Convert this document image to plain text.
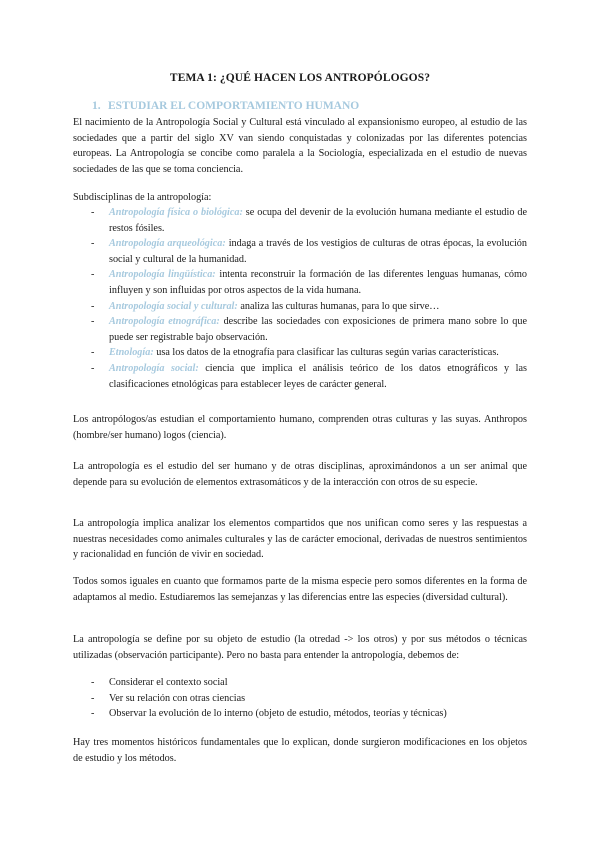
TEMA 1: ¿QUÉ HACEN LOS ANTROPÓLOGOS?
1. ESTUDIAR EL COMPORTAMIENTO HUMANO
El nacimiento de la Antropología Social y Cultural está vinculado al expansionismo europeo, al estudio de las sociedades que a partir del siglo XV van siendo conquistadas y colonizadas por las diferentes potencias europeas. La Antropología se concibe como paralela a la Sociología, especializada en el estudio de nuevas sociedades de las que se toma conciencia.
Subdisciplinas de la antropología:
- Antropología física o biológica: se ocupa del devenir de la evolución humana mediante el estudio de restos fósiles.
- Antropología arqueológica: indaga a través de los vestigios de culturas de otras épocas, la evolución social y cultural de la humanidad.
- Antropología lingüística: intenta reconstruir la formación de las diferentes lenguas humanas, cómo influyen y son influidas por otros aspectos de la vida humana.
- Antropología social y cultural: analiza las culturas humanas, para lo que sirve…
- Antropología etnográfica: describe las sociedades con exposiciones de primera mano sobre lo que puede ser registrable bajo observación.
- Etnología: usa los datos de la etnografía para clasificar las culturas según varias características.
- Antropología social: ciencia que implica el análisis teórico de los datos etnográficos y las clasificaciones etnológicas para establecer leyes de carácter general.
Los antropólogos/as estudian el comportamiento humano, comprenden otras culturas y las suyas. Anthropos (hombre/ser humano) logos (ciencia).
La antropología es el estudio del ser humano y de otras disciplinas, aproximándonos a un ser animal que depende para su evolución de elementos extrasomáticos y de la interacción con otros de su especie.
La antropología implica analizar los elementos compartidos que nos unifican como seres y las respuestas a nuestras necesidades como animales culturales y las de carácter emocional, derivadas de nuestros sentimientos y racionalidad en función de vivir en sociedad.
Todos somos iguales en cuanto que formamos parte de la misma especie pero somos diferentes en la forma de adaptamos al medio. Estudiaremos las semejanzas y las diferencias entre las especies (diversidad cultural).
La antropología se define por su objeto de estudio (la otredad -> los otros) y por sus métodos o técnicas utilizadas (observación participante). Pero no basta para entender la antropología, debemos de:
- Considerar el contexto social
- Ver su relación con otras ciencias
- Observar la evolución de lo interno (objeto de estudio, métodos, teorías y técnicas)
Hay tres momentos históricos fundamentales que lo explican, donde surgieron modificaciones en los objetos de estudio y los métodos.
